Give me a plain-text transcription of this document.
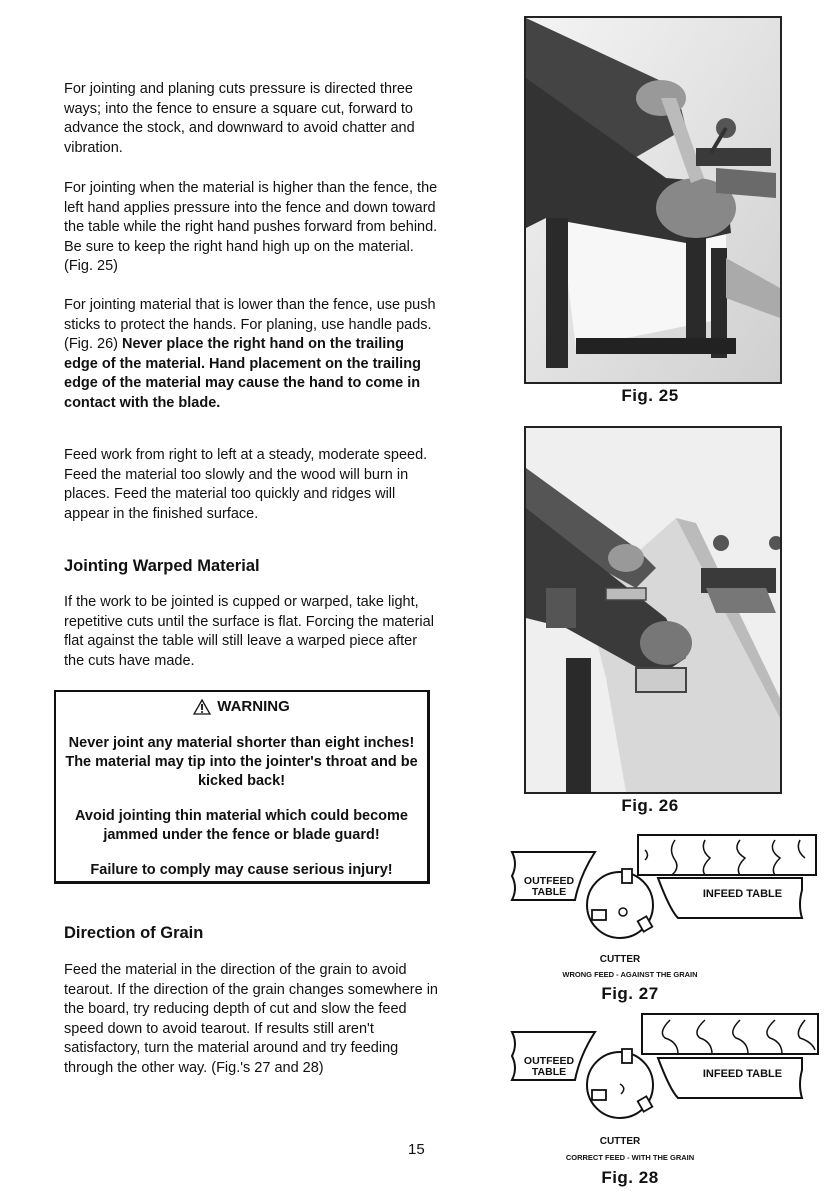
For jointing and planing cuts pressure is directed three ways; into the fence to ensure a square cut, forward to advance the stock, and downward to avoid chatter and vibration.

For jointing when the material is higher than the fence, the left hand applies pressure into the fence and down toward the table while the right hand pushes forward from behind. Be sure to keep the right hand high up on the material. (Fig. 25)

For jointing material that is lower than the fence, use push sticks to protect the hands. For planing, use handle pads. (Fig. 26) Never place the right hand on the trailing edge of the material. Hand placement on the trailing edge of the material may cause the hand to come in contact with the blade.

Feed work from right to left at a steady, moderate speed. Feed the material too slowly and the wood will burn in places. Feed the material too quickly and ridges will appear in the finished surface.

Jointing Warped Material

If the work to be jointed is cupped or warped, take light, repetitive cuts until the surface is flat. Forcing the material flat against the table will still leave a warped piece after the cuts have made.

WARNING
Never joint any material shorter than eight inches! The material may tip into the jointer's throat and be kicked back!
Avoid jointing thin material which could become jammed under the fence or blade guard!
Failure to comply may cause serious injury!
Direction of Grain

Feed the material in the direction of the grain to avoid tearout. If the direction of the grain changes somewhere in the board, try reducing depth of cut and slow the feed speed down to avoid tearout. If results still aren't satisfactory, turn the material around and try feeding through the other way. (Fig.'s 27 and 28)

15
Fig. 25
Fig. 26
OUTFEED
TABLE	INFEED TABLE
CUTTER
WRONG FEED - AGAINST THE GRAIN
Fig. 27
OUTFEED
TABLE	INFEED TABLE
CUTTER
CORRECT FEED - WITH THE GRAIN
Fig. 28
